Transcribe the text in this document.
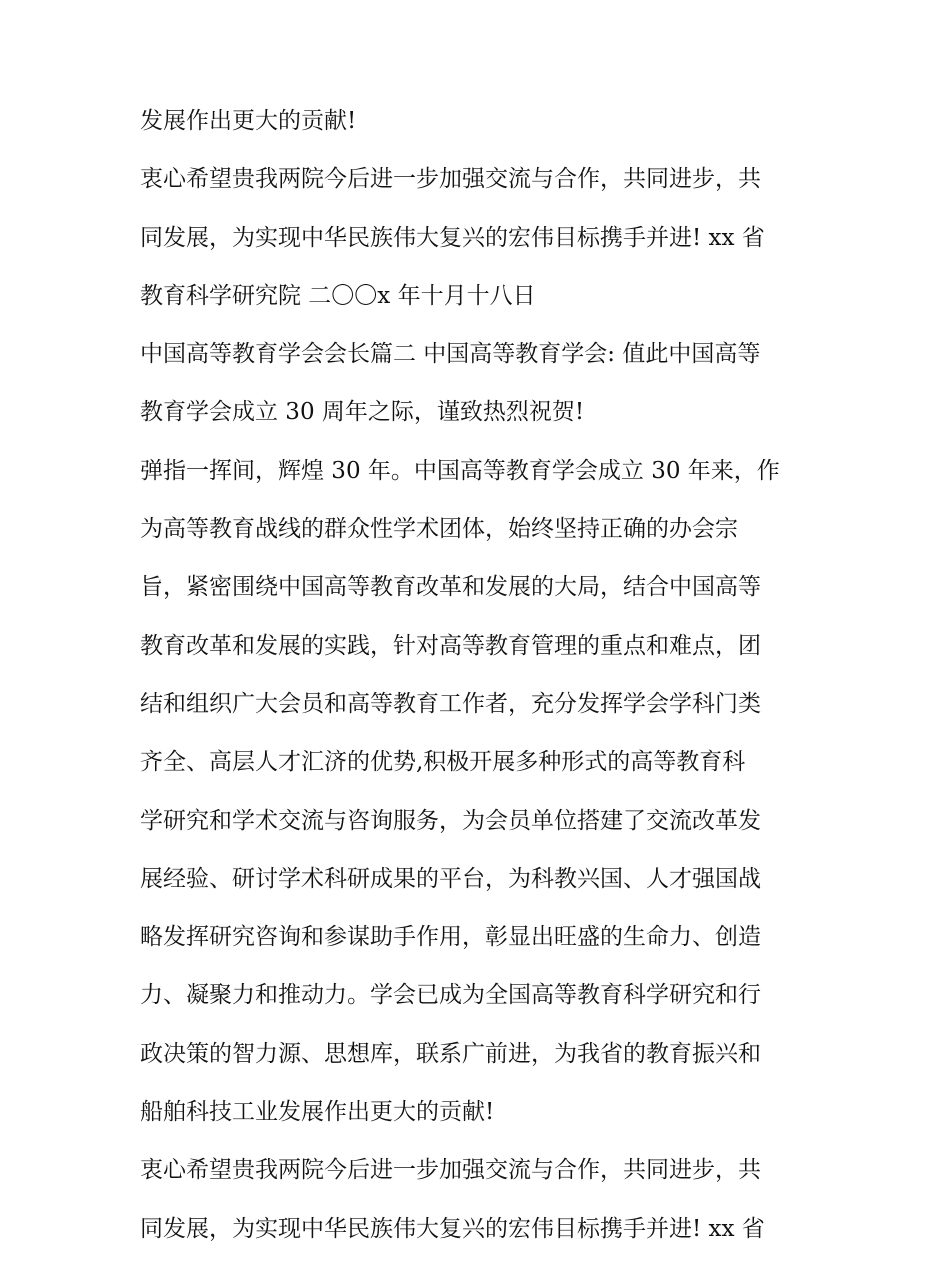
发展作出更大的贡献!
衷心希望贵我两院今后进一步加强交流与合作，共同进步，共
同发展，为实现中华民族伟大复兴的宏伟目标携手并进! xx 省
教育科学研究院 二〇〇x 年十月十八日
中国高等教育学会会长篇二 中国高等教育学会: 值此中国高等
教育学会成立 30 周年之际，谨致热烈祝贺!
弹指一挥间，辉煌 30 年。中国高等教育学会成立 30 年来，作
为高等教育战线的群众性学术团体，始终坚持正确的办会宗
旨，紧密围绕中国高等教育改革和发展的大局，结合中国高等
教育改革和发展的实践，针对高等教育管理的重点和难点，团
结和组织广大会员和高等教育工作者，充分发挥学会学科门类
齐全、高层人才汇济的优势,积极开展多种形式的高等教育科
学研究和学术交流与咨询服务，为会员单位搭建了交流改革发
展经验、研讨学术科研成果的平台，为科教兴国、人才强国战
略发挥研究咨询和参谋助手作用，彰显出旺盛的生命力、创造
力、凝聚力和推动力。学会已成为全国高等教育科学研究和行
政决策的智力源、思想库，联系广前进，为我省的教育振兴和
船舶科技工业发展作出更大的贡献!
衷心希望贵我两院今后进一步加强交流与合作，共同进步，共
同发展，为实现中华民族伟大复兴的宏伟目标携手并进! xx 省
